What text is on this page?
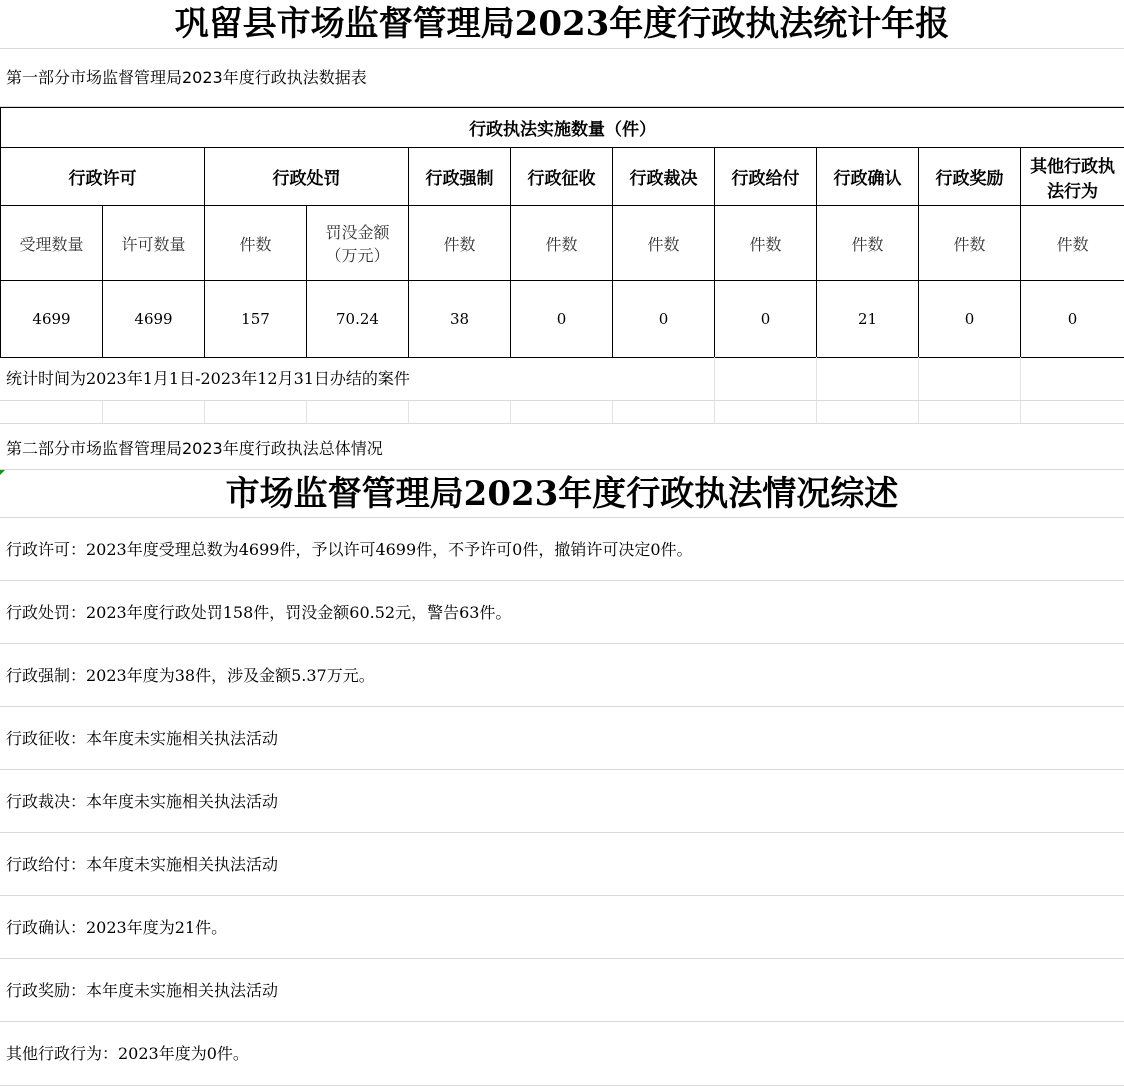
巩留县市场监督管理局2023年度行政执法统计年报
第一部分市场监督管理局2023年度行政执法数据表
行政执法实施数量（件）										
行政许可		行政处罚		行政强制	行政征收	行政裁决	行政给付	行政确认	行政奖励	其他行政执法行为
受理数量	许可数量	件数	罚没金额（万元）	件数	件数	件数	件数	件数	件数	件数
4699	4699	157	70.24	38	0	0	0	21	0	0
统计时间为2023年1月1日-2023年12月31日办结的案件
第二部分市场监督管理局2023年度行政执法总体情况
市场监督管理局2023年度行政执法情况综述
行政许可：2023年度受理总数为4699件，予以许可4699件，不予许可0件，撤销许可决定0件。
行政处罚：2023年度行政处罚158件，罚没金额60.52元，警告63件。
行政强制：2023年度为38件，涉及金额5.37万元。
行政征收：本年度未实施相关执法活动
行政裁决：本年度未实施相关执法活动
行政给付：本年度未实施相关执法活动
行政确认：2023年度为21件。
行政奖励：本年度未实施相关执法活动
其他行政行为：2023年度为0件。
